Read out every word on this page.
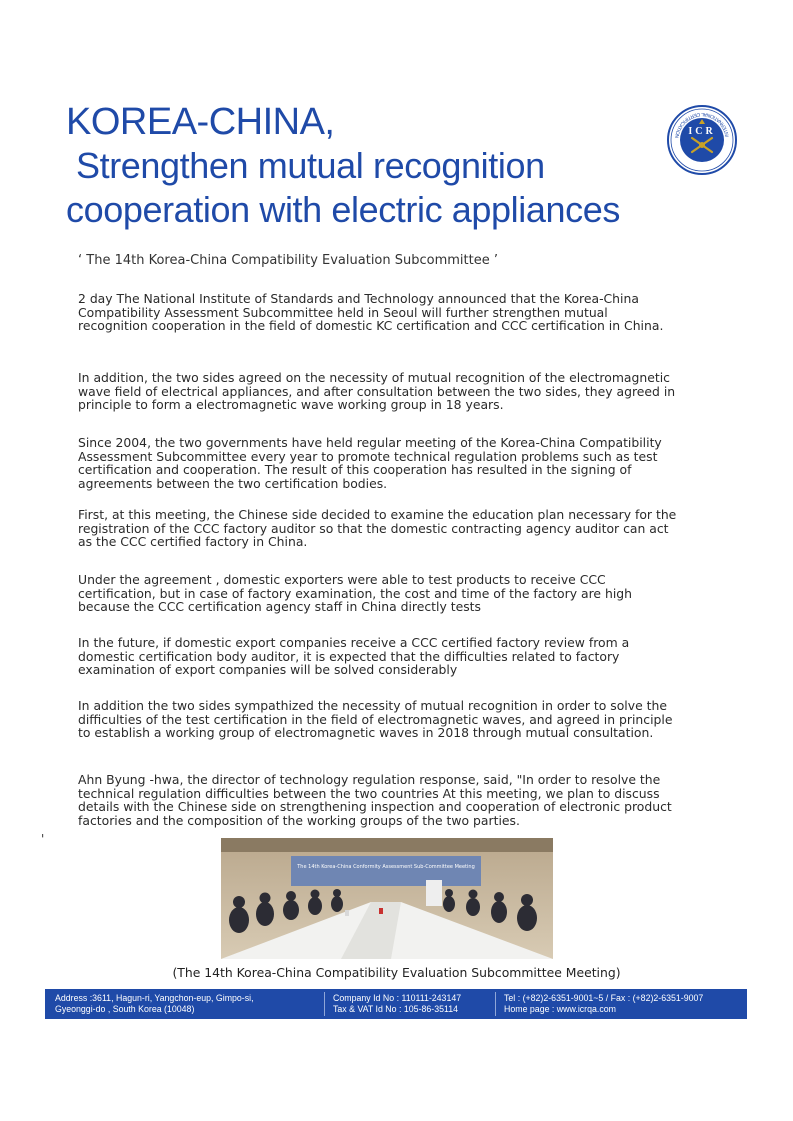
KOREA-CHINA,
Strengthen mutual recognition
cooperation with electric appliances
INTERNATIONAL CERTIFICATION ICR
‘ The 14th Korea-China Compatibility Evaluation Subcommittee ’

2 day The National Institute of Standards and Technology announced that the Korea-China Compatibility Assessment Subcommittee held in Seoul will further strengthen mutual recognition cooperation in the field of domestic KC certification and CCC certification in China.

In addition, the two sides agreed on the necessity of mutual recognition of the electromagnetic wave field of electrical appliances, and after consultation between the two sides, they agreed in principle to form a electromagnetic wave working group in 18 years.

Since 2004, the two governments have held regular meeting of the Korea-China Compatibility Assessment Subcommittee every year to promote technical regulation problems such as test certification and cooperation. The result of this cooperation has resulted in the signing of agreements between the two certification bodies.

First, at this meeting, the Chinese side decided to examine the education plan necessary for the registration of the CCC factory auditor so that the domestic contracting agency auditor can act as the CCC certified factory in China.

Under the agreement , domestic exporters were able to test products to receive CCC certification, but in case of factory examination, the cost and time of the factory are high because the CCC certification agency staff in China directly tests

In the future, if domestic export companies receive a CCC certified factory review from a domestic certification body auditor, it is expected that the difficulties related to factory examination of export companies will be solved considerably

In addition the two sides sympathized the necessity of mutual recognition in order to solve the difficulties of the test certification in the field of electromagnetic waves, and agreed in principle to establish a working group of electromagnetic waves in 2018 through mutual consultation.

Ahn Byung -hwa, the director of technology regulation response, said, "In order to resolve the technical regulation difficulties between the two countries At this meeting, we plan to discuss details with the Chinese side on strengthening inspection and cooperation of electronic product factories and the composition of the working groups of the two parties.

'
The 14th Korea-China Conformity Assessment Sub-Committee Meeting
(The 14th Korea-China Compatibility Evaluation Subcommittee Meeting)
Address :3611, Hagun-ri, Yangchon-eup, Gimpo-si,
Gyeonggi-do , South Korea (10048)
Company Id No : 110111-243147
Tax & VAT Id No : 105-86-35114
Tel : (+82)2-6351-9001~5 / Fax : (+82)2-6351-9007
Home page : www.icrqa.com
